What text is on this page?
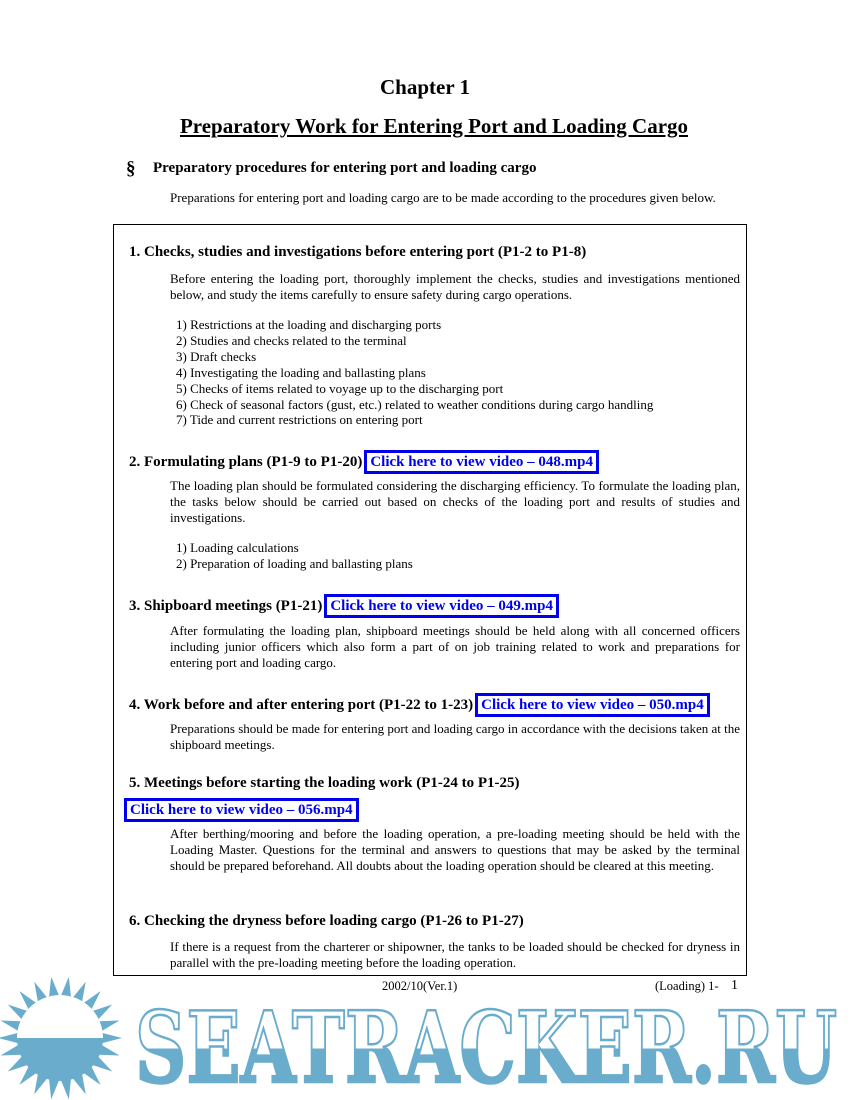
Chapter 1
Preparatory Work for Entering Port and Loading Cargo
§ Preparatory procedures for entering port and loading cargo
Preparations for entering port and loading cargo are to be made according to the procedures given below.
1. Checks, studies and investigations before entering port (P1-2 to P1-8)
Before entering the loading port, thoroughly implement the checks, studies and investigations mentioned below, and study the items carefully to ensure safety during cargo operations.
1) Restrictions at the loading and discharging ports
2) Studies and checks related to the terminal
3) Draft checks
4) Investigating the loading and ballasting plans
5) Checks of items related to voyage up to the discharging port
6) Check of seasonal factors (gust, etc.) related to weather conditions during cargo handling
7) Tide and current restrictions on entering port
2. Formulating plans (P1-9 to P1-20) Click here to view video – 048.mp4
The loading plan should be formulated considering the discharging efficiency. To formulate the loading plan, the tasks below should be carried out based on checks of the loading port and results of studies and investigations.
1) Loading calculations
2) Preparation of loading and ballasting plans
3. Shipboard meetings (P1-21) Click here to view video – 049.mp4
After formulating the loading plan, shipboard meetings should be held along with all concerned officers including junior officers which also form a part of on job training related to work and preparations for entering port and loading cargo.
4. Work before and after entering port (P1-22 to 1-23) Click here to view video – 050.mp4
Preparations should be made for entering port and loading cargo in accordance with the decisions taken at the shipboard meetings.
5. Meetings before starting the loading work (P1-24 to P1-25)
Click here to view video – 056.mp4
After berthing/mooring and before the loading operation, a pre-loading meeting should be held with the Loading Master. Questions for the terminal and answers to questions that may be asked by the terminal should be prepared beforehand. All doubts about the loading operation should be cleared at this meeting.
6. Checking the dryness before loading cargo (P1-26 to P1-27)
If there is a request from the charterer or shipowner, the tanks to be loaded should be checked for dryness in parallel with the pre-loading meeting before the loading operation.
SEATRACKER.RU
(Loading) 1- 1
2002/10(Ver.1)
